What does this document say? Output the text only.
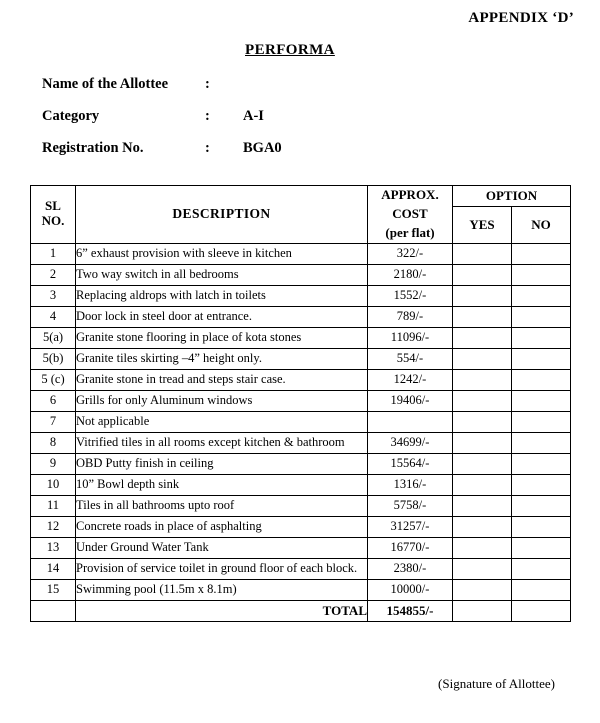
APPENDIX ‘D’
PERFORMA
Name of the Allottee	:
Category	:	A-I
Registration No.	:	BGA0
SL
NO.	DESCRIPTION	
APPROX.
COST
(per flat)
	OPTION
			YES	NO
1	6” exhaust provision with sleeve in kitchen	322/-		
2	Two way switch in all bedrooms	2180/-		
3	Replacing aldrops with latch in toilets	1552/-		
4	Door lock in steel door at entrance.	789/-		
5(a)	Granite stone flooring in place of kota stones	11096/-		
5(b)	Granite tiles skirting –4” height only.	554/-		
5 (c)	Granite stone in tread and steps stair case.	1242/-		
6	Grills for only Aluminum windows	19406/-		
7	Not applicable			
8	Vitrified tiles in all rooms except kitchen & bathroom	34699/-		
9	OBD Putty finish in ceiling	15564/-		
10	10” Bowl depth sink	1316/-		
11	Tiles in all bathrooms upto roof	5758/-		
12	Concrete roads in place of asphalting	31257/-		
13	Under Ground Water Tank	16770/-		
14	Provision of service toilet in ground floor of each block.	2380/-		
15	Swimming pool (11.5m x 8.1m)	10000/-		
	TOTAL	154855/-		
(Signature of Allottee)
